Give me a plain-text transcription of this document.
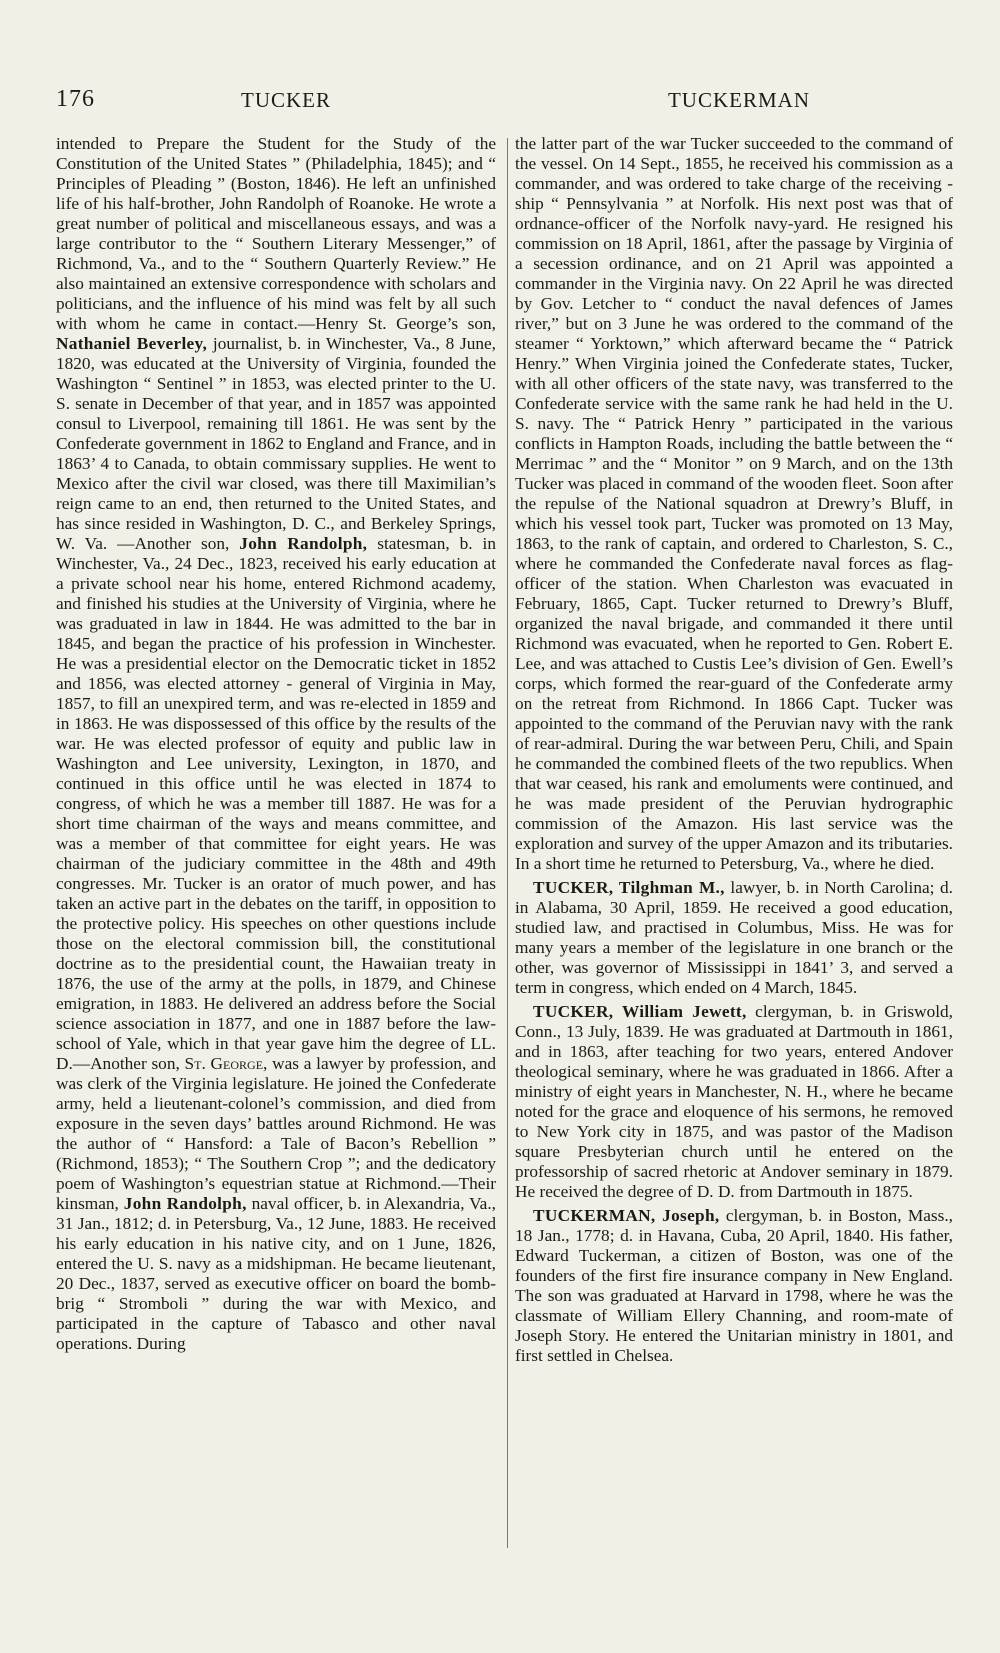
176	TUCKER	TUCKERMAN

intended to Prepare the Student for the Study of the Constitution of the United States ” (Philadelphia, 1845); and “ Principles of Pleading ” (Boston, 1846). He left an unfinished life of his half-brother, John Randolph of Roanoke. He wrote a great number of political and miscellaneous essays, and was a large contributor to the “ Southern Literary Messenger,” of Richmond, Va., and to the “ Southern Quarterly Review.” He also maintained an extensive correspondence with scholars and politicians, and the influence of his mind was felt by all such with whom he came in contact.—Henry St. George’s son, Nathaniel Beverley, journalist, b. in Winchester, Va., 8 June, 1820, was educated at the University of Virginia, founded the Washington “ Sentinel ” in 1853, was elected printer to the U. S. senate in December of that year, and in 1857 was appointed consul to Liverpool, remaining till 1861. He was sent by the Confederate government in 1862 to England and France, and in 1863’ 4 to Canada, to obtain commissary supplies. He went to Mexico after the civil war closed, was there till Maximilian’s reign came to an end, then returned to the United States, and has since resided in Washington, D. C., and Berkeley Springs, W. Va. —Another son, John Randolph, statesman, b. in Winchester, Va., 24 Dec., 1823, received his early education at a private school near his home, entered Richmond academy, and finished his studies at the University of Virginia, where he was graduated in law in 1844. He was admitted to the bar in 1845, and began the practice of his profession in Winchester. He was a presidential elector on the Democratic ticket in 1852 and 1856, was elected attorney - general of Virginia in May, 1857, to fill an unexpired term, and was re-elected in 1859 and in 1863. He was dispossessed of this office by the results of the war. He was elected professor of equity and public law in Washington and Lee university, Lexington, in 1870, and continued in this office until he was elected in 1874 to congress, of which he was a member till 1887. He was for a short time chairman of the ways and means committee, and was a member of that committee for eight years. He was chairman of the judiciary committee in the 48th and 49th congresses. Mr. Tucker is an orator of much power, and has taken an active part in the debates on the tariff, in opposition to the protective policy. His speeches on other questions include those on the electoral commission bill, the constitutional doctrine as to the presidential count, the Hawaiian treaty in 1876, the use of the army at the polls, in 1879, and Chinese emigration, in 1883. He delivered an address before the Social science association in 1877, and one in 1887 before the law-school of Yale, which in that year gave him the degree of LL. D.—Another son, St. George, was a lawyer by profession, and was clerk of the Virginia legislature. He joined the Confederate army, held a lieutenant-colonel’s commission, and died from exposure in the seven days’ battles around Richmond. He was the author of “ Hansford: a Tale of Bacon’s Rebellion ” (Richmond, 1853); “ The Southern Crop ”; and the dedicatory poem of Washington’s equestrian statue at Richmond.—Their kinsman, John Randolph, naval officer, b. in Alexandria, Va., 31 Jan., 1812; d. in Petersburg, Va., 12 June, 1883. He received his early education in his native city, and on 1 June, 1826, entered the U. S. navy as a midshipman. He became lieutenant, 20 Dec., 1837, served as executive officer on board the bomb-brig “ Stromboli ” during the war with Mexico, and participated in the capture of Tabasco and other naval operations. During

the latter part of the war Tucker succeeded to the command of the vessel. On 14 Sept., 1855, he received his commission as a commander, and was ordered to take charge of the receiving - ship “ Pennsylvania ” at Norfolk. His next post was that of ordnance-officer of the Norfolk navy-yard. He resigned his commission on 18 April, 1861, after the passage by Virginia of a secession ordinance, and on 21 April was appointed a commander in the Virginia navy. On 22 April he was directed by Gov. Letcher to “ conduct the naval defences of James river,” but on 3 June he was ordered to the command of the steamer “ Yorktown,” which afterward became the “ Patrick Henry.” When Virginia joined the Confederate states, Tucker, with all other officers of the state navy, was transferred to the Confederate service with the same rank he had held in the U. S. navy. The “ Patrick Henry ” participated in the various conflicts in Hampton Roads, including the battle between the “ Merrimac ” and the “ Monitor ” on 9 March, and on the 13th Tucker was placed in command of the wooden fleet. Soon after the repulse of the National squadron at Drewry’s Bluff, in which his vessel took part, Tucker was promoted on 13 May, 1863, to the rank of captain, and ordered to Charleston, S. C., where he commanded the Confederate naval forces as flag-officer of the station. When Charleston was evacuated in February, 1865, Capt. Tucker returned to Drewry’s Bluff, organized the naval brigade, and commanded it there until Richmond was evacuated, when he reported to Gen. Robert E. Lee, and was attached to Custis Lee’s division of Gen. Ewell’s corps, which formed the rear-guard of the Confederate army on the retreat from Richmond. In 1866 Capt. Tucker was appointed to the command of the Peruvian navy with the rank of rear-admiral. During the war between Peru, Chili, and Spain he commanded the combined fleets of the two republics. When that war ceased, his rank and emoluments were continued, and he was made president of the Peruvian hydrographic commission of the Amazon. His last service was the exploration and survey of the upper Amazon and its tributaries. In a short time he returned to Petersburg, Va., where he died.

TUCKER, Tilghman M., lawyer, b. in North Carolina; d. in Alabama, 30 April, 1859. He received a good education, studied law, and practised in Columbus, Miss. He was for many years a member of the legislature in one branch or the other, was governor of Mississippi in 1841’ 3, and served a term in congress, which ended on 4 March, 1845.

TUCKER, William Jewett, clergyman, b. in Griswold, Conn., 13 July, 1839. He was graduated at Dartmouth in 1861, and in 1863, after teaching for two years, entered Andover theological seminary, where he was graduated in 1866. After a ministry of eight years in Manchester, N. H., where he became noted for the grace and eloquence of his sermons, he removed to New York city in 1875, and was pastor of the Madison square Presbyterian church until he entered on the professorship of sacred rhetoric at Andover seminary in 1879. He received the degree of D. D. from Dartmouth in 1875.

TUCKERMAN, Joseph, clergyman, b. in Boston, Mass., 18 Jan., 1778; d. in Havana, Cuba, 20 April, 1840. His father, Edward Tuckerman, a citizen of Boston, was one of the founders of the first fire insurance company in New England. The son was graduated at Harvard in 1798, where he was the classmate of William Ellery Channing, and room-mate of Joseph Story. He entered the Unitarian ministry in 1801, and first settled in Chelsea.
